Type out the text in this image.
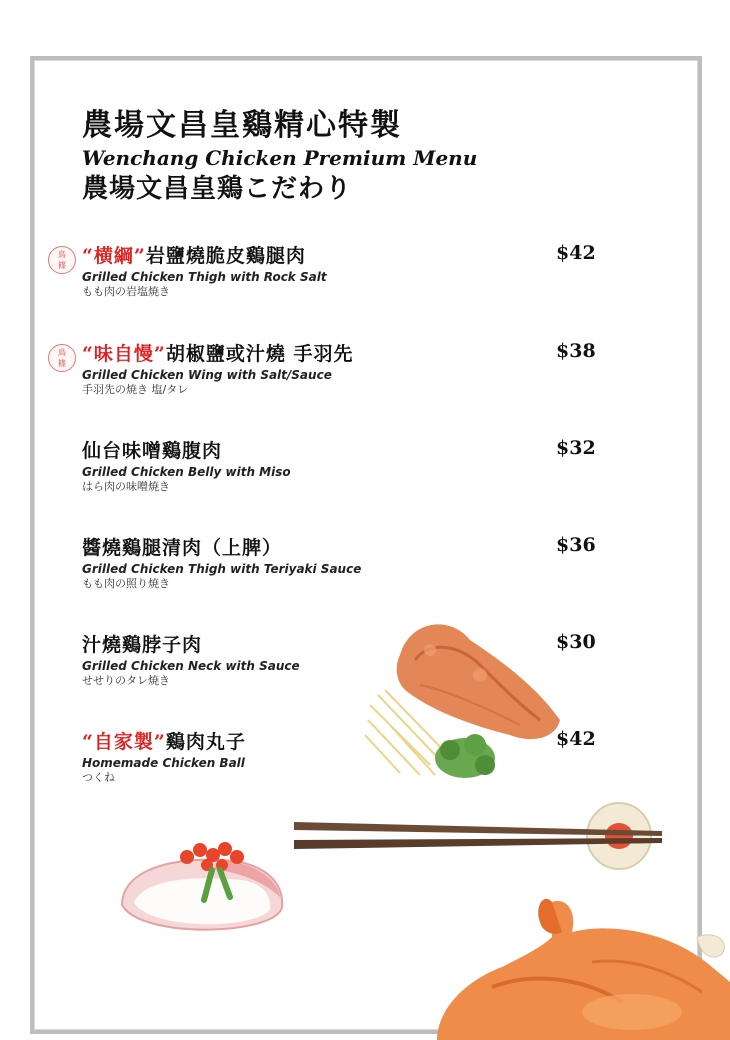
農場文昌皇鷄精心特製
Wenchang Chicken Premium Menu
農場文昌皇鶏こだわり
鳥篠
鳥篠
“横綱”岩鹽燒脆皮鷄腿肉
Grilled Chicken Thigh with Rock Salt
もも肉の岩塩焼き
$42
“味自慢”胡椒鹽或汁燒 手羽先
Grilled Chicken Wing with Salt/Sauce
手羽先の焼き 塩/タレ
$38
仙台味噌鷄腹肉
Grilled Chicken Belly with Miso
はら肉の味噌焼き
$32
醬燒鷄腿清肉（上脾）
Grilled Chicken Thigh with Teriyaki Sauce
もも肉の照り焼き
$36
汁燒鷄脖子肉
Grilled Chicken Neck with Sauce
せせりのタレ焼き
$30
“自家製”鷄肉丸子
Homemade Chicken Ball
つくね
$42
